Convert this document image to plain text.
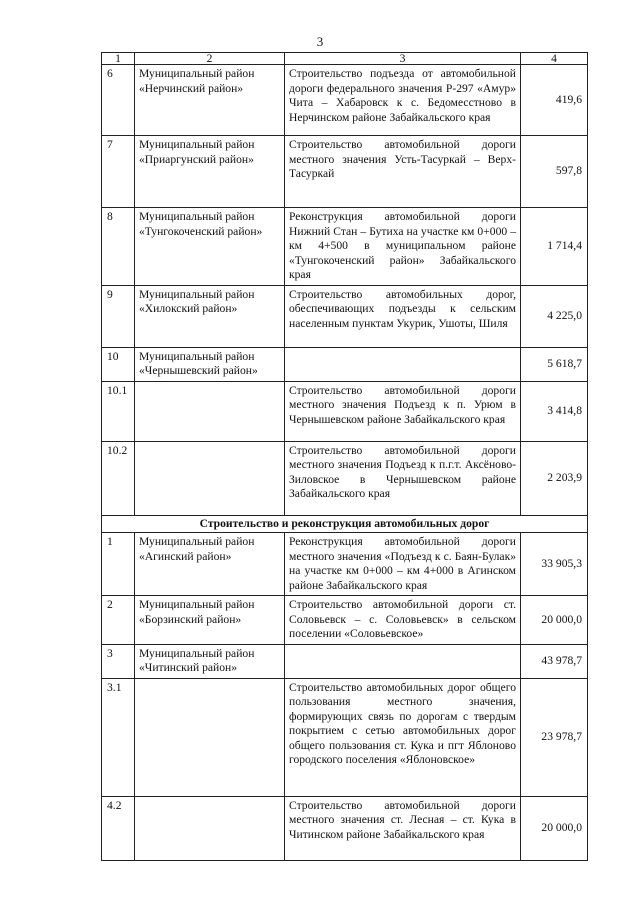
3
1	2	3	4
6	Муниципальный район «Нерчинский район»	Строительство подъезда от автомобильной дороги федерального значения Р-297 «Амур» Чита – Хабаровск к с. Бедомесстново в Нерчинском районе Забайкальского края	419,6
7	Муниципальный район «Приаргунский район»	Строительство автомобильной дороги местного значения Усть-Тасуркай – Верх-Тасуркай	597,8
8	Муниципальный район «Тунгокоченский район»	Реконструкция автомобильной дороги Нижний Стан – Бутиха на участке км 0+000 – км 4+500 в муниципальном районе «Тунгокоченский район» Забайкальского края	1 714,4
9	Муниципальный район «Хилокский район»	Строительство автомобильных дорог, обеспечивающих подъезды к сельским населенным пунктам Укурик, Ушоты, Шиля	4 225,0
10	Муниципальный район «Чернышевский район»		5 618,7
10.1		Строительство автомобильной дороги местного значения Подъезд к п. Урюм в Чернышевском районе Забайкальского края	3 414,8
10.2		Строительство автомобильной дороги местного значения Подъезд к п.г.т. Аксёново-Зиловское в Чернышевском районе Забайкальского края	2 203,9
Строительство и реконструкция автомобильных дорог			
1	Муниципальный район «Агинский район»	Реконструкция автомобильной дороги местного значения «Подъезд к с. Баян-Булак» на участке км 0+000 – км 4+000 в Агинском районе Забайкальского края	33 905,3
2	Муниципальный район «Борзинский район»	Строительство автомобильной дороги ст. Соловьевск – с. Соловьевск» в сельском поселении «Соловьевское»	20 000,0
3	Муниципальный район «Читинский район»		43 978,7
3.1		Строительство автомобильных дорог общего пользования местного значения, формирующих связь по дорогам с твердым покрытием с сетью автомобильных дорог общего пользования ст. Кука и пгт Яблоново городского поселения «Яблоновское»	23 978,7
4.2		Строительство автомобильной дороги местного значения ст. Лесная – ст. Кука в Читинском районе Забайкальского края	20 000,0
